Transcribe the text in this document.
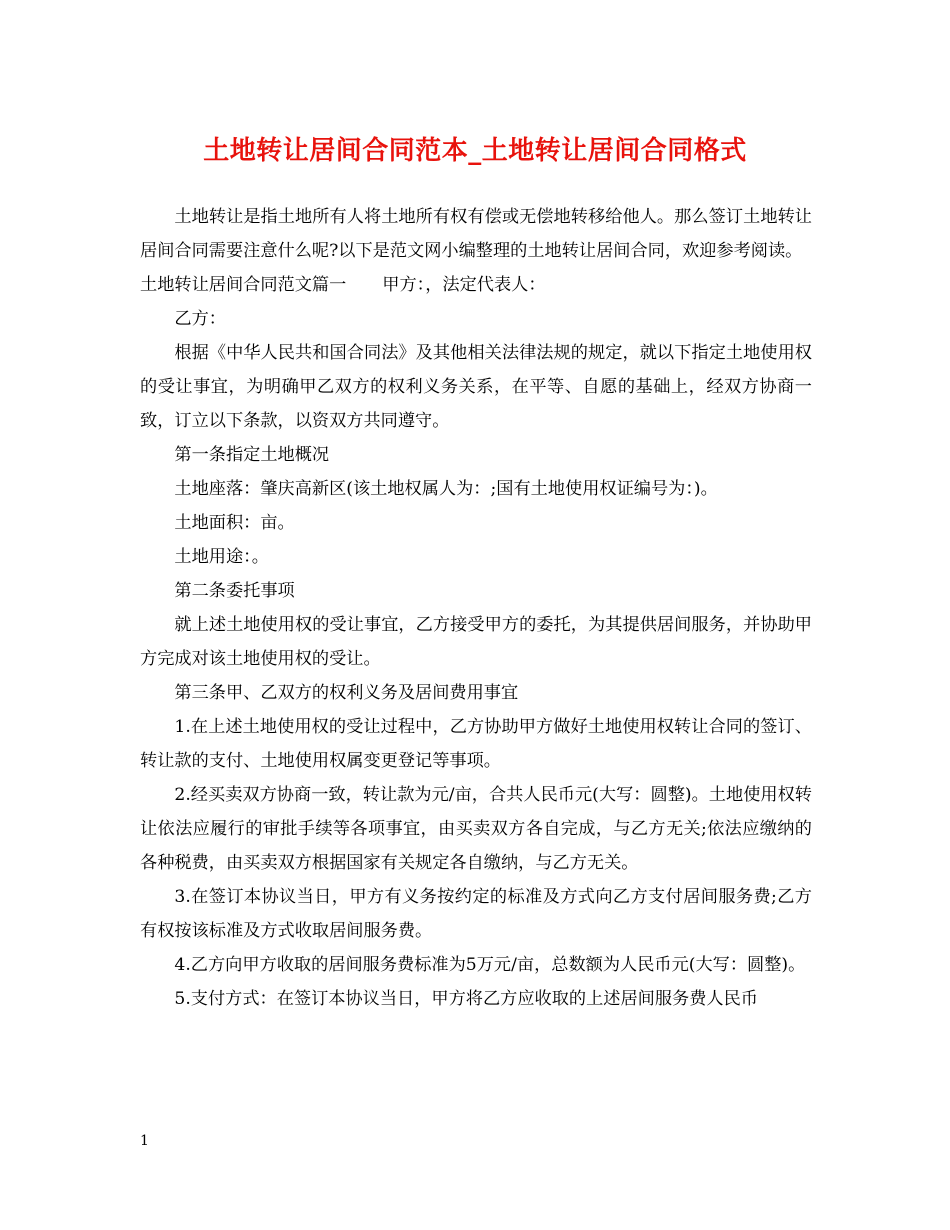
土地转让居间合同范本_土地转让居间合同格式

土地转让是指土地所有人将土地所有权有偿或无偿地转移给他人。那么签订土地转让居间合同需要注意什么呢?以下是范文网小编整理的土地转让居间合同，欢迎参考阅读。

土地转让居间合同范文篇一 甲方：，法定代表人：

乙方：

根据《中华人民共和国合同法》及其他相关法律法规的规定，就以下指定土地使用权的受让事宜，为明确甲乙双方的权利义务关系，在平等、自愿的基础上，经双方协商一致，订立以下条款，以资双方共同遵守。

第一条指定土地概况

土地座落：肇庆高新区(该土地权属人为：;国有土地使用权证编号为：)。

土地面积：亩。

土地用途：。

第二条委托事项

就上述土地使用权的受让事宜，乙方接受甲方的委托，为其提供居间服务，并协助甲方完成对该土地使用权的受让。

第三条甲、乙双方的权利义务及居间费用事宜

1.在上述土地使用权的受让过程中，乙方协助甲方做好土地使用权转让合同的签订、转让款的支付、土地使用权属变更登记等事项。

2.经买卖双方协商一致，转让款为元/亩，合共人民币元(大写：圆整)。土地使用权转让依法应履行的审批手续等各项事宜，由买卖双方各自完成，与乙方无关;依法应缴纳的各种税费，由买卖双方根据国家有关规定各自缴纳，与乙方无关。

3.在签订本协议当日，甲方有义务按约定的标准及方式向乙方支付居间服务费;乙方有权按该标准及方式收取居间服务费。

4.乙方向甲方收取的居间服务费标准为5万元/亩，总数额为人民币元(大写：圆整)。

5.支付方式：在签订本协议当日，甲方将乙方应收取的上述居间服务费人民币

1
